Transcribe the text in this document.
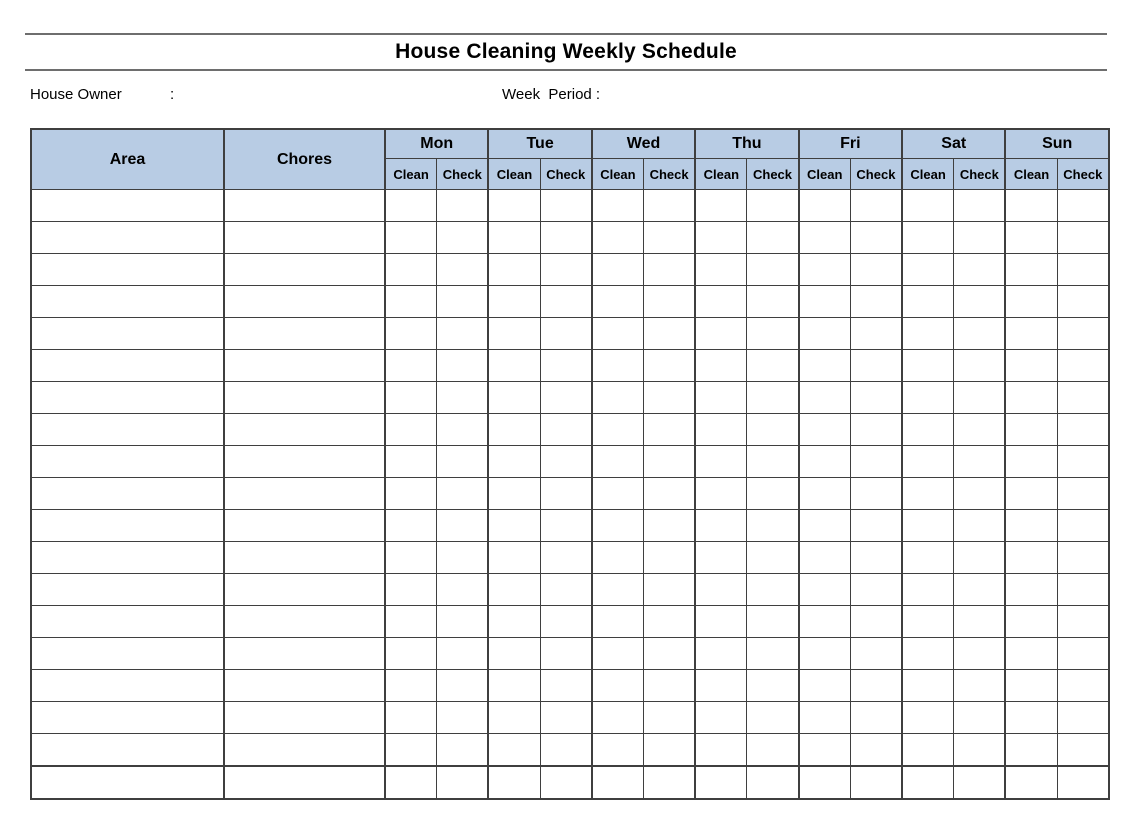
House Cleaning Weekly Schedule
House Owner	:	Week  Period :
Area	Chores	Mon		Tue		Wed		Thu		Fri		Sat		Sun	
		Clean	Check	Clean	Check	Clean	Check	Clean	Check	Clean	Check	Clean	Check	Clean	Check
